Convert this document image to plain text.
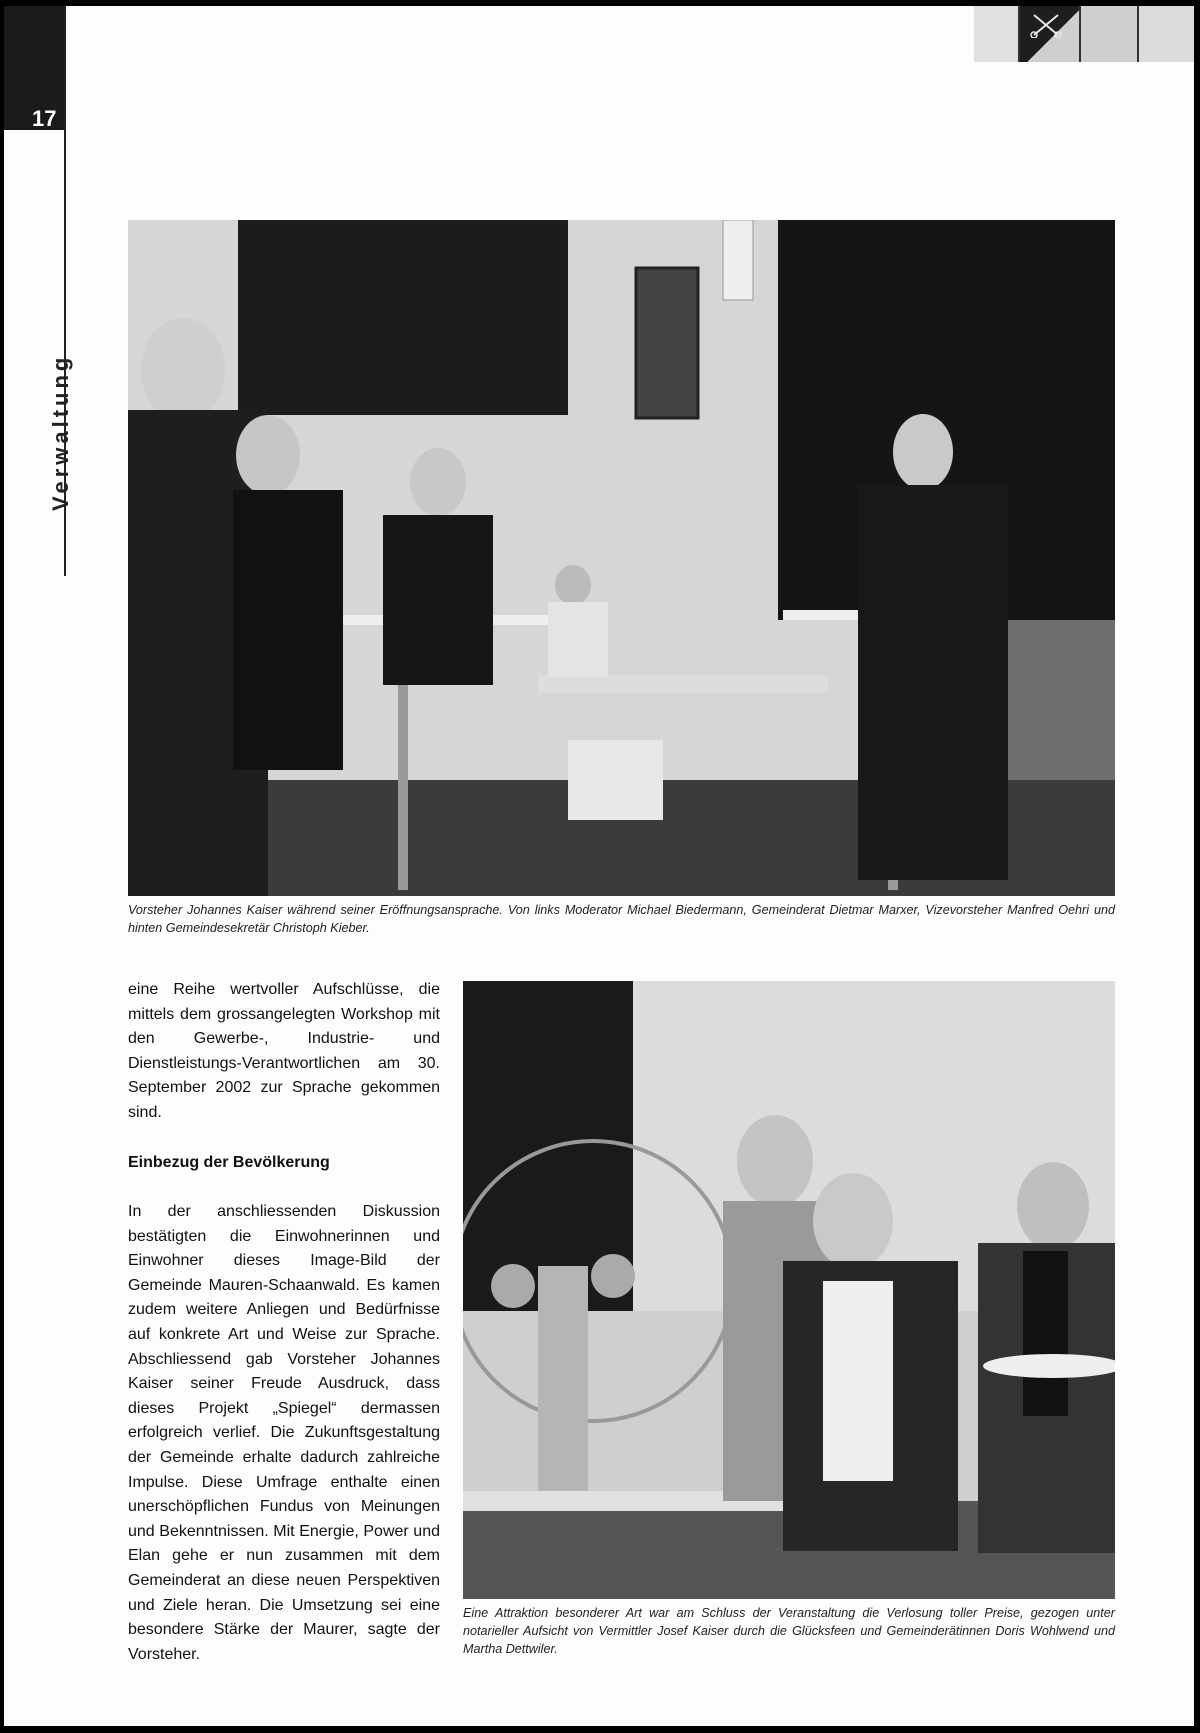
17
Verwaltung
Vorsteher Johannes Kaiser während seiner Eröffnungsansprache. Von links Moderator Michael Biedermann, Gemeinderat Dietmar Marxer, Vizevorsteher Manfred Oehri und hinten Gemeindesekretär Christoph Kieber.

eine Reihe wertvoller Aufschlüsse, die mittels dem grossangelegten Workshop mit den Gewerbe-, Industrie- und Dienstleistungs-Verantwortlichen am 30. September 2002 zur Sprache gekommen sind.

Einbezug der Bevölkerung

In der anschliessenden Diskussion bestätigten die Einwohnerinnen und Einwohner dieses Image-Bild der Gemeinde Mauren-Schaanwald. Es kamen zudem weitere Anliegen und Bedürfnisse auf konkrete Art und Weise zur Sprache. Abschliessend gab Vorsteher Johannes Kaiser seiner Freude Ausdruck, dass dieses Projekt „Spiegel“ dermassen erfolgreich verlief. Die Zukunftsgestaltung der Gemeinde erhalte dadurch zahlreiche Impulse. Diese Umfrage enthalte einen unerschöpflichen Fundus von Meinungen und Bekenntnissen. Mit Energie, Power und Elan gehe er nun zusammen mit dem Gemeinderat an diese neuen Perspektiven und Ziele heran. Die Umsetzung sei eine besondere Stärke der Maurer, sagte der Vorsteher.

Eine Attraktion besonderer Art war am Schluss der Veranstaltung die Verlosung toller Preise, gezogen unter notarieller Aufsicht von Vermittler Josef Kaiser durch die Glücksfeen und Gemeinderätinnen Doris Wohlwend und Martha Dettwiler.
